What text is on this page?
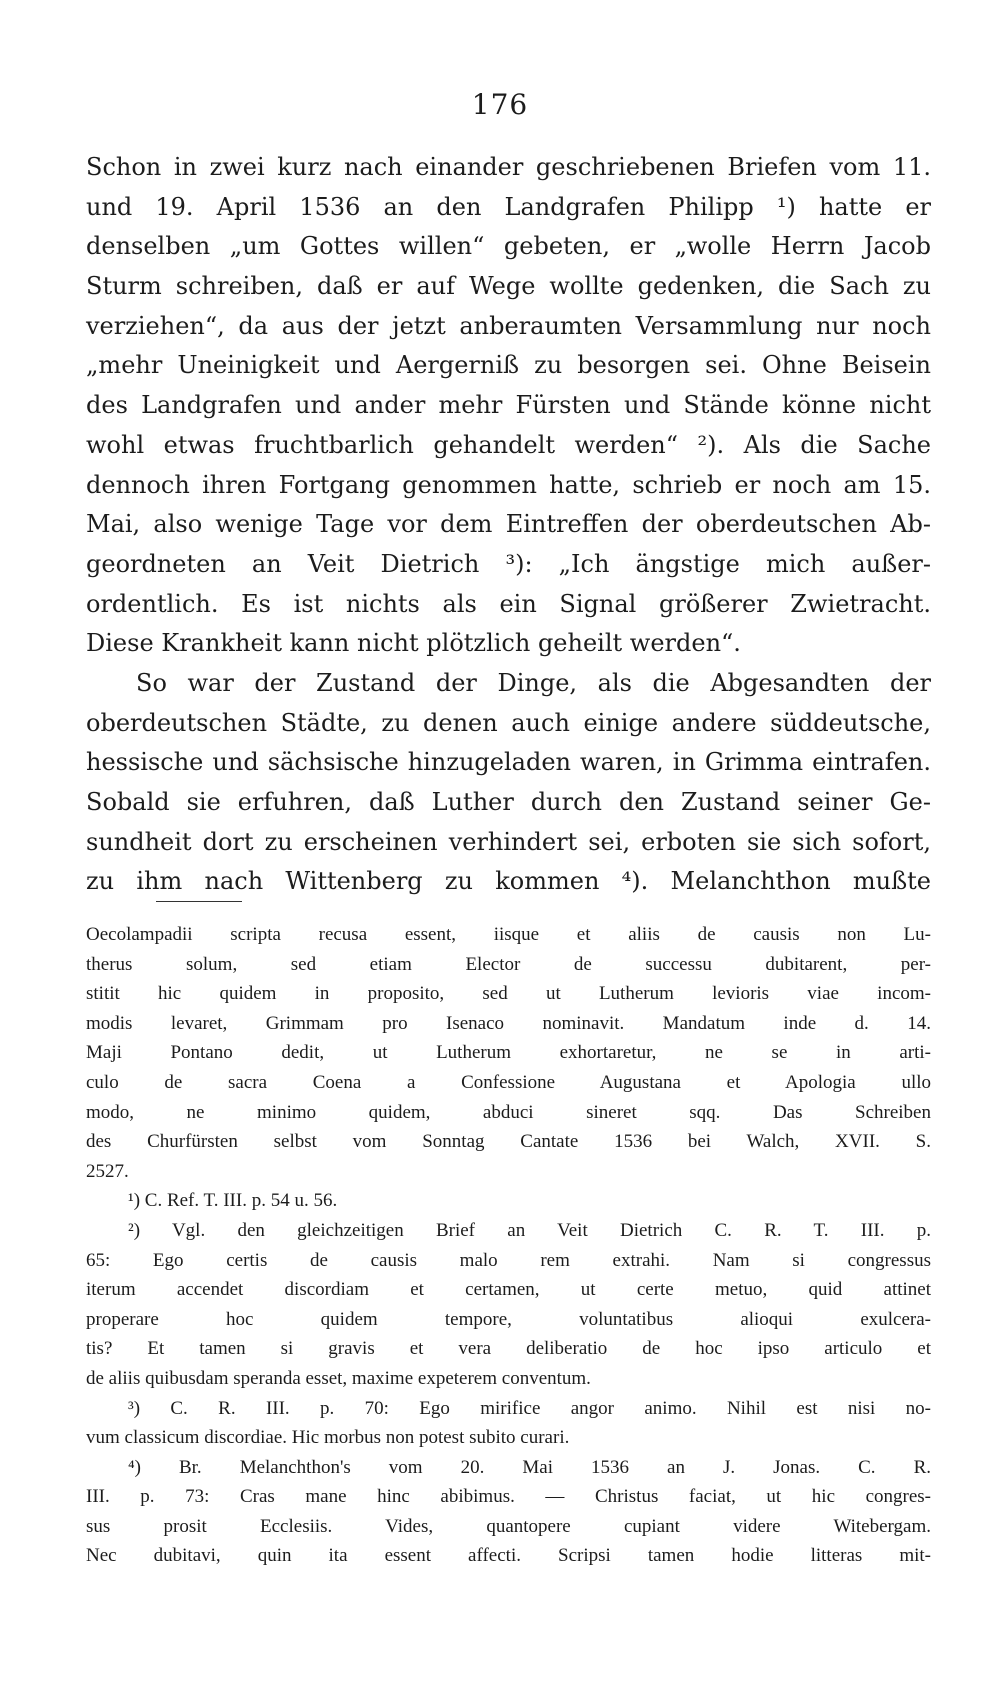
176
Schon in zwei kurz nach einander geschriebenen Briefen vom 11.
und 19. April 1536 an den Landgrafen Philipp ¹) hatte er
denselben „um Gottes willen“ gebeten, er „wolle Herrn Jacob
Sturm schreiben, daß er auf Wege wollte gedenken, die Sach zu
verziehen“, da aus der jetzt anberaumten Versammlung nur noch
„mehr Uneinigkeit und Aergerniß zu besorgen sei. Ohne Beisein
des Landgrafen und ander mehr Fürsten und Stände könne nicht
wohl etwas fruchtbarlich gehandelt werden“ ²). Als die Sache
dennoch ihren Fortgang genommen hatte, schrieb er noch am 15.
Mai, also wenige Tage vor dem Eintreffen der oberdeutschen Ab-
geordneten an Veit Dietrich ³): „Ich ängstige mich außer-
ordentlich. Es ist nichts als ein Signal größerer Zwietracht.
Diese Krankheit kann nicht plötzlich geheilt werden“.
So war der Zustand der Dinge, als die Abgesandten der
oberdeutschen Städte, zu denen auch einige andere süddeutsche,
hessische und sächsische hinzugeladen waren, in Grimma eintrafen.
Sobald sie erfuhren, daß Luther durch den Zustand seiner Ge-
sundheit dort zu erscheinen verhindert sei, erboten sie sich sofort,
zu ihm nach Wittenberg zu kommen ⁴). Melanchthon mußte
Oecolampadii scripta recusa essent, iisque et aliis de causis non Lu-
therus solum, sed etiam Elector de successu dubitarent, per-
stitit hic quidem in proposito, sed ut Lutherum levioris viae incom-
modis levaret, Grimmam pro Isenaco nominavit. Mandatum inde d. 14.
Maji Pontano dedit, ut Lutherum exhortaretur, ne se in arti-
culo de sacra Coena a Confessione Augustana et Apologia ullo
modo, ne minimo quidem, abduci sineret sqq. Das Schreiben
des Churfürsten selbst vom Sonntag Cantate 1536 bei Walch, XVII. S.
2527.
¹) C. Ref. T. III. p. 54 u. 56.
²) Vgl. den gleichzeitigen Brief an Veit Dietrich C. R. T. III. p.
65: Ego certis de causis malo rem extrahi. Nam si congressus
iterum accendet discordiam et certamen, ut certe metuo, quid attinet
properare hoc quidem tempore, voluntatibus alioqui exulcera-
tis? Et tamen si gravis et vera deliberatio de hoc ipso articulo et
de aliis quibusdam speranda esset, maxime expeterem conventum.
³) C. R. III. p. 70: Ego mirifice angor animo. Nihil est nisi no-
vum classicum discordiae. Hic morbus non potest subito curari.
⁴) Br. Melanchthon's vom 20. Mai 1536 an J. Jonas. C. R.
III. p. 73: Cras mane hinc abibimus. — Christus faciat, ut hic congres-
sus prosit Ecclesiis. Vides, quantopere cupiant videre Witebergam.
Nec dubitavi, quin ita essent affecti. Scripsi tamen hodie litteras mit-
